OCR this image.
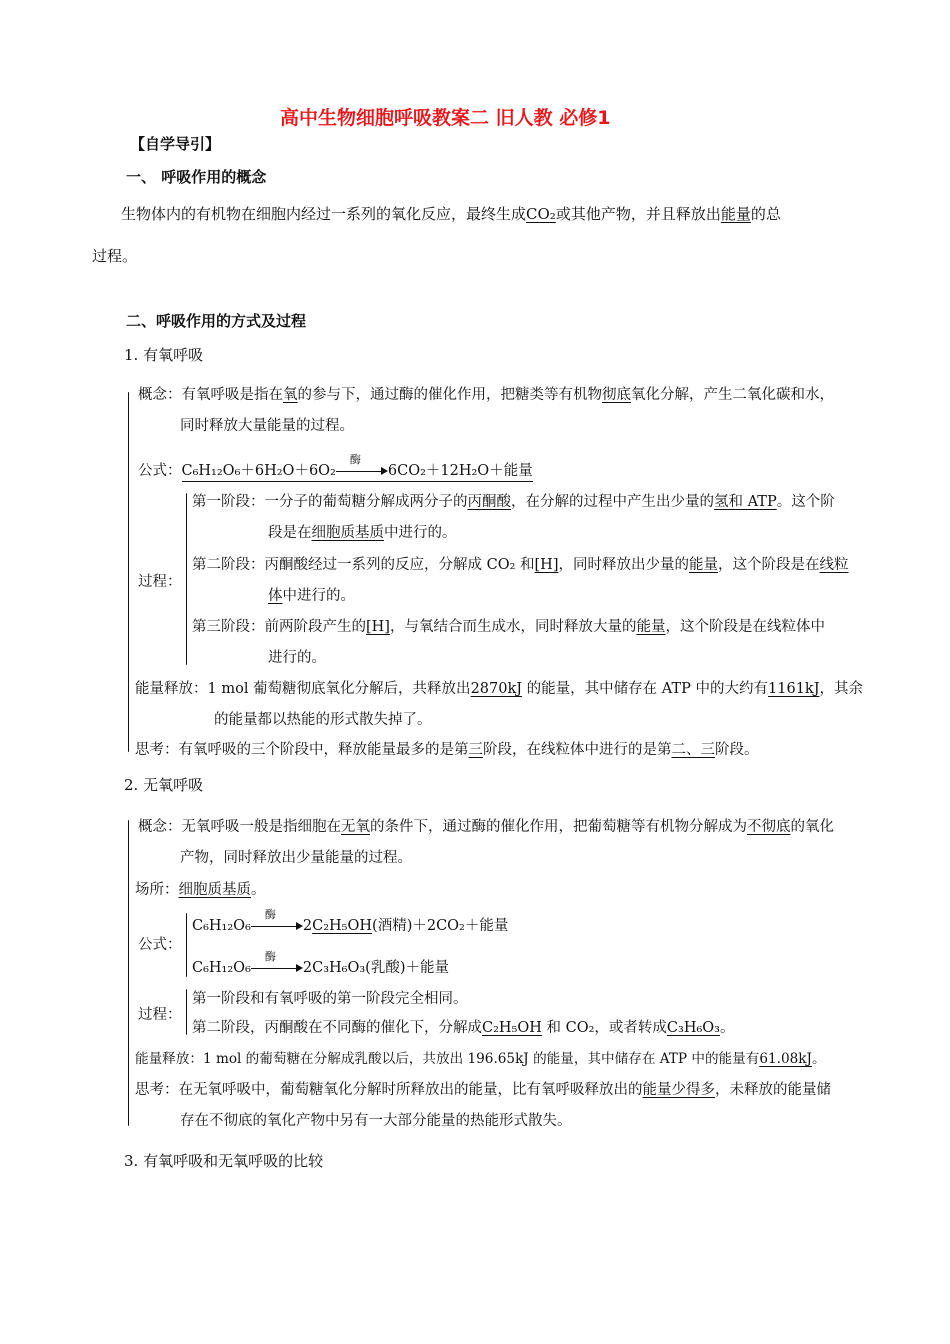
高中生物细胞呼吸教案二 旧人教 必修1
【自学导引】
一、 呼吸作用的概念
生物体内的有机物在细胞内经过一系列的氧化反应，最终生成CO₂或其他产物，并且释放出能量的总
过程。
二、呼吸作用的方式及过程
1. 有氧呼吸
概念：有氧呼吸是指在氧的参与下，通过酶的催化作用，把糖类等有机物彻底氧化分解，产生二氧化碳和水，
同时释放大量能量的过程。
公式：C₆H₁₂O₆＋6H₂O＋6O₂
酶
6CO₂＋12H₂O＋能量
过程：
第一阶段：一分子的葡萄糖分解成两分子的丙酮酸，在分解的过程中产生出少量的氢和 ATP。这个阶
段是在细胞质基质中进行的。
第二阶段：丙酮酸经过一系列的反应，分解成 CO₂ 和[H]，同时释放出少量的能量，这个阶段是在线粒
体中进行的。
第三阶段：前两阶段产生的[H]，与氧结合而生成水，同时释放大量的能量，这个阶段是在线粒体中
进行的。
能量释放：1 mol 葡萄糖彻底氧化分解后，共释放出2870kJ 的能量，其中储存在 ATP 中的大约有1161kJ，其余
的能量都以热能的形式散失掉了。
思考：有氧呼吸的三个阶段中，释放能量最多的是第三阶段，在线粒体中进行的是第二、三阶段。
2. 无氧呼吸
概念：无氧呼吸一般是指细胞在无氧的条件下，通过酶的催化作用，把葡萄糖等有机物分解成为不彻底的氧化
产物，同时释放出少量能量的过程。
场所：细胞质基质。
公式：
C₆H₁₂O₆
酶
2C₂H₅OH(酒精)＋2CO₂＋能量
C₆H₁₂O₆
酶
2C₃H₆O₃(乳酸)＋能量
过程：
第一阶段和有氧呼吸的第一阶段完全相同。
第二阶段，丙酮酸在不同酶的催化下，分解成C₂H₅OH 和 CO₂，或者转成C₃H₆O₃。
能量释放：1 mol 的葡萄糖在分解成乳酸以后，共放出 196.65kJ 的能量，其中储存在 ATP 中的能量有61.08kJ。
思考：在无氧呼吸中，葡萄糖氧化分解时所释放出的能量，比有氧呼吸释放出的能量少得多，未释放的能量储
存在不彻底的氧化产物中另有一大部分能量的热能形式散失。
3. 有氧呼吸和无氧呼吸的比较
